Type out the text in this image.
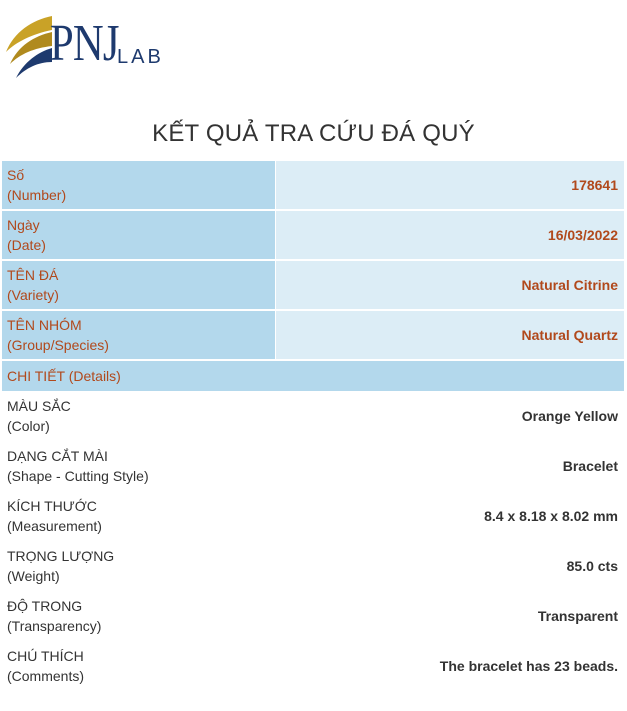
PNJ
LAB
KẾT QUẢ TRA CỨU ĐÁ QUÝ
Số
(Number)	178641
Ngày
(Date)	16/03/2022
TÊN ĐÁ
(Variety)	Natural Citrine
TÊN NHÓM
(Group/Species)	Natural Quartz
CHI TIẾT (Details)	
MÀU SẮC
(Color)	Orange Yellow
DẠNG CẮT MÀI
(Shape - Cutting Style)	Bracelet
KÍCH THƯỚC
(Measurement)	8.4 x 8.18 x 8.02 mm
TRỌNG LƯỢNG
(Weight)	85.0 cts
ĐỘ TRONG
(Transparency)	Transparent
CHÚ THÍCH
(Comments)	The bracelet has 23 beads.
